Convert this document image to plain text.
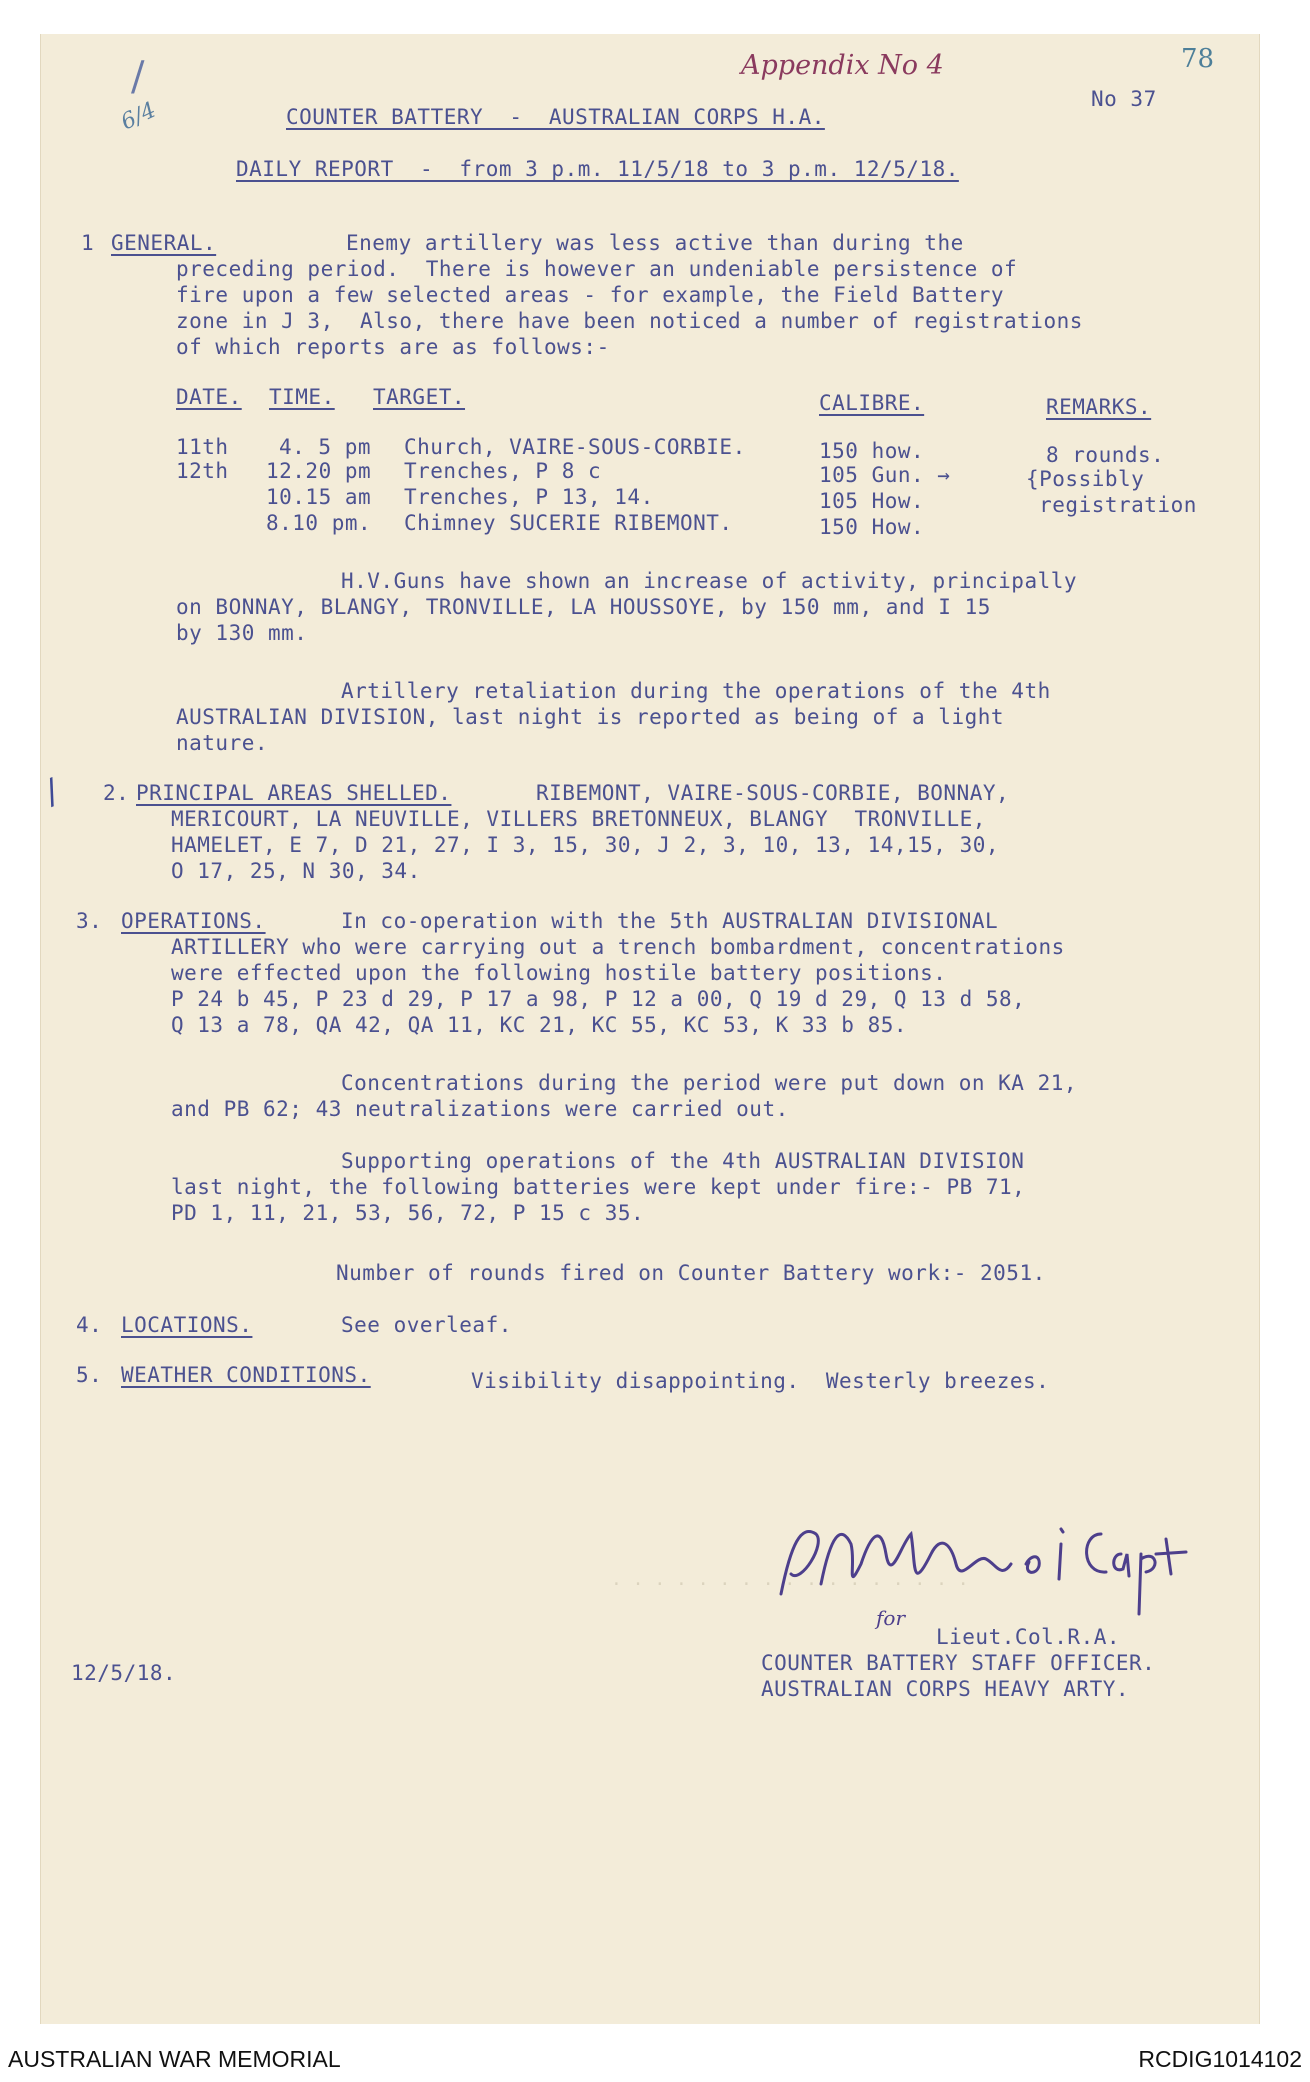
· · · · · · · · · · · · · · · · ·
Appendix No 4	78
6/4
/	No 37
COUNTER BATTERY  -  AUSTRALIAN CORPS H.A.
DAILY REPORT  -  from 3 p.m. 11/5/18 to 3 p.m. 12/5/18.
1 GENERAL.	Enemy artillery was less active than during the
preceding period.  There is however an undeniable persistence of
fire upon a few selected areas - for example, the Field Battery
zone in J 3,  Also, there have been noticed a number of registrations
of which reports are as follows:-
DATE. TIME. TARGET.	CALIBRE.	REMARKS.
11th 4. 5 pm Church, VAIRE-SOUS-CORBIE.	150 how.	8 rounds.
12th 12.20 pm Trenches, P 8 c	105 Gun. →	{Possibly
10.15 am Trenches, P 13, 14.	105 How.	registration
8.10 pm. Chimney SUCERIE RIBEMONT.	150 How.
H.V.Guns have shown an increase of activity, principally
on BONNAY, BLANGY, TRONVILLE, LA HOUSSOYE, by 150 mm, and I 15
by 130 mm.
Artillery retaliation during the operations of the 4th
AUSTRALIAN DIVISION, last night is reported as being of a light
nature.
/ 2. PRINCIPAL AREAS SHELLED.	RIBEMONT, VAIRE-SOUS-CORBIE, BONNAY,
MERICOURT, LA NEUVILLE, VILLERS BRETONNEUX, BLANGY  TRONVILLE,
HAMELET, E 7, D 21, 27, I 3, 15, 30, J 2, 3, 10, 13, 14,15, 30,
O 17, 25, N 30, 34.
3. OPERATIONS.	In co-operation with the 5th AUSTRALIAN DIVISIONAL
ARTILLERY who were carrying out a trench bombardment, concentrations
were effected upon the following hostile battery positions.
P 24 b 45, P 23 d 29, P 17 a 98, P 12 a 00, Q 19 d 29, Q 13 d 58,
Q 13 a 78, QA 42, QA 11, KC 21, KC 55, KC 53, K 33 b 85.
Concentrations during the period were put down on KA 21,
and PB 62; 43 neutralizations were carried out.
Supporting operations of the 4th AUSTRALIAN DIVISION
last night, the following batteries were kept under fire:- PB 71,
PD 1, 11, 21, 53, 56, 72, P 15 c 35.
Number of rounds fired on Counter Battery work:- 2051.
4. LOCATIONS.	See overleaf.
5. WEATHER CONDITIONS.	Visibility disappointing.  Westerly breezes.
for
Lieut.Col.R.A.
COUNTER BATTERY STAFF OFFICER.
AUSTRALIAN CORPS HEAVY ARTY.
12/5/18.
AUSTRALIAN WAR MEMORIAL	RCDIG1014102
